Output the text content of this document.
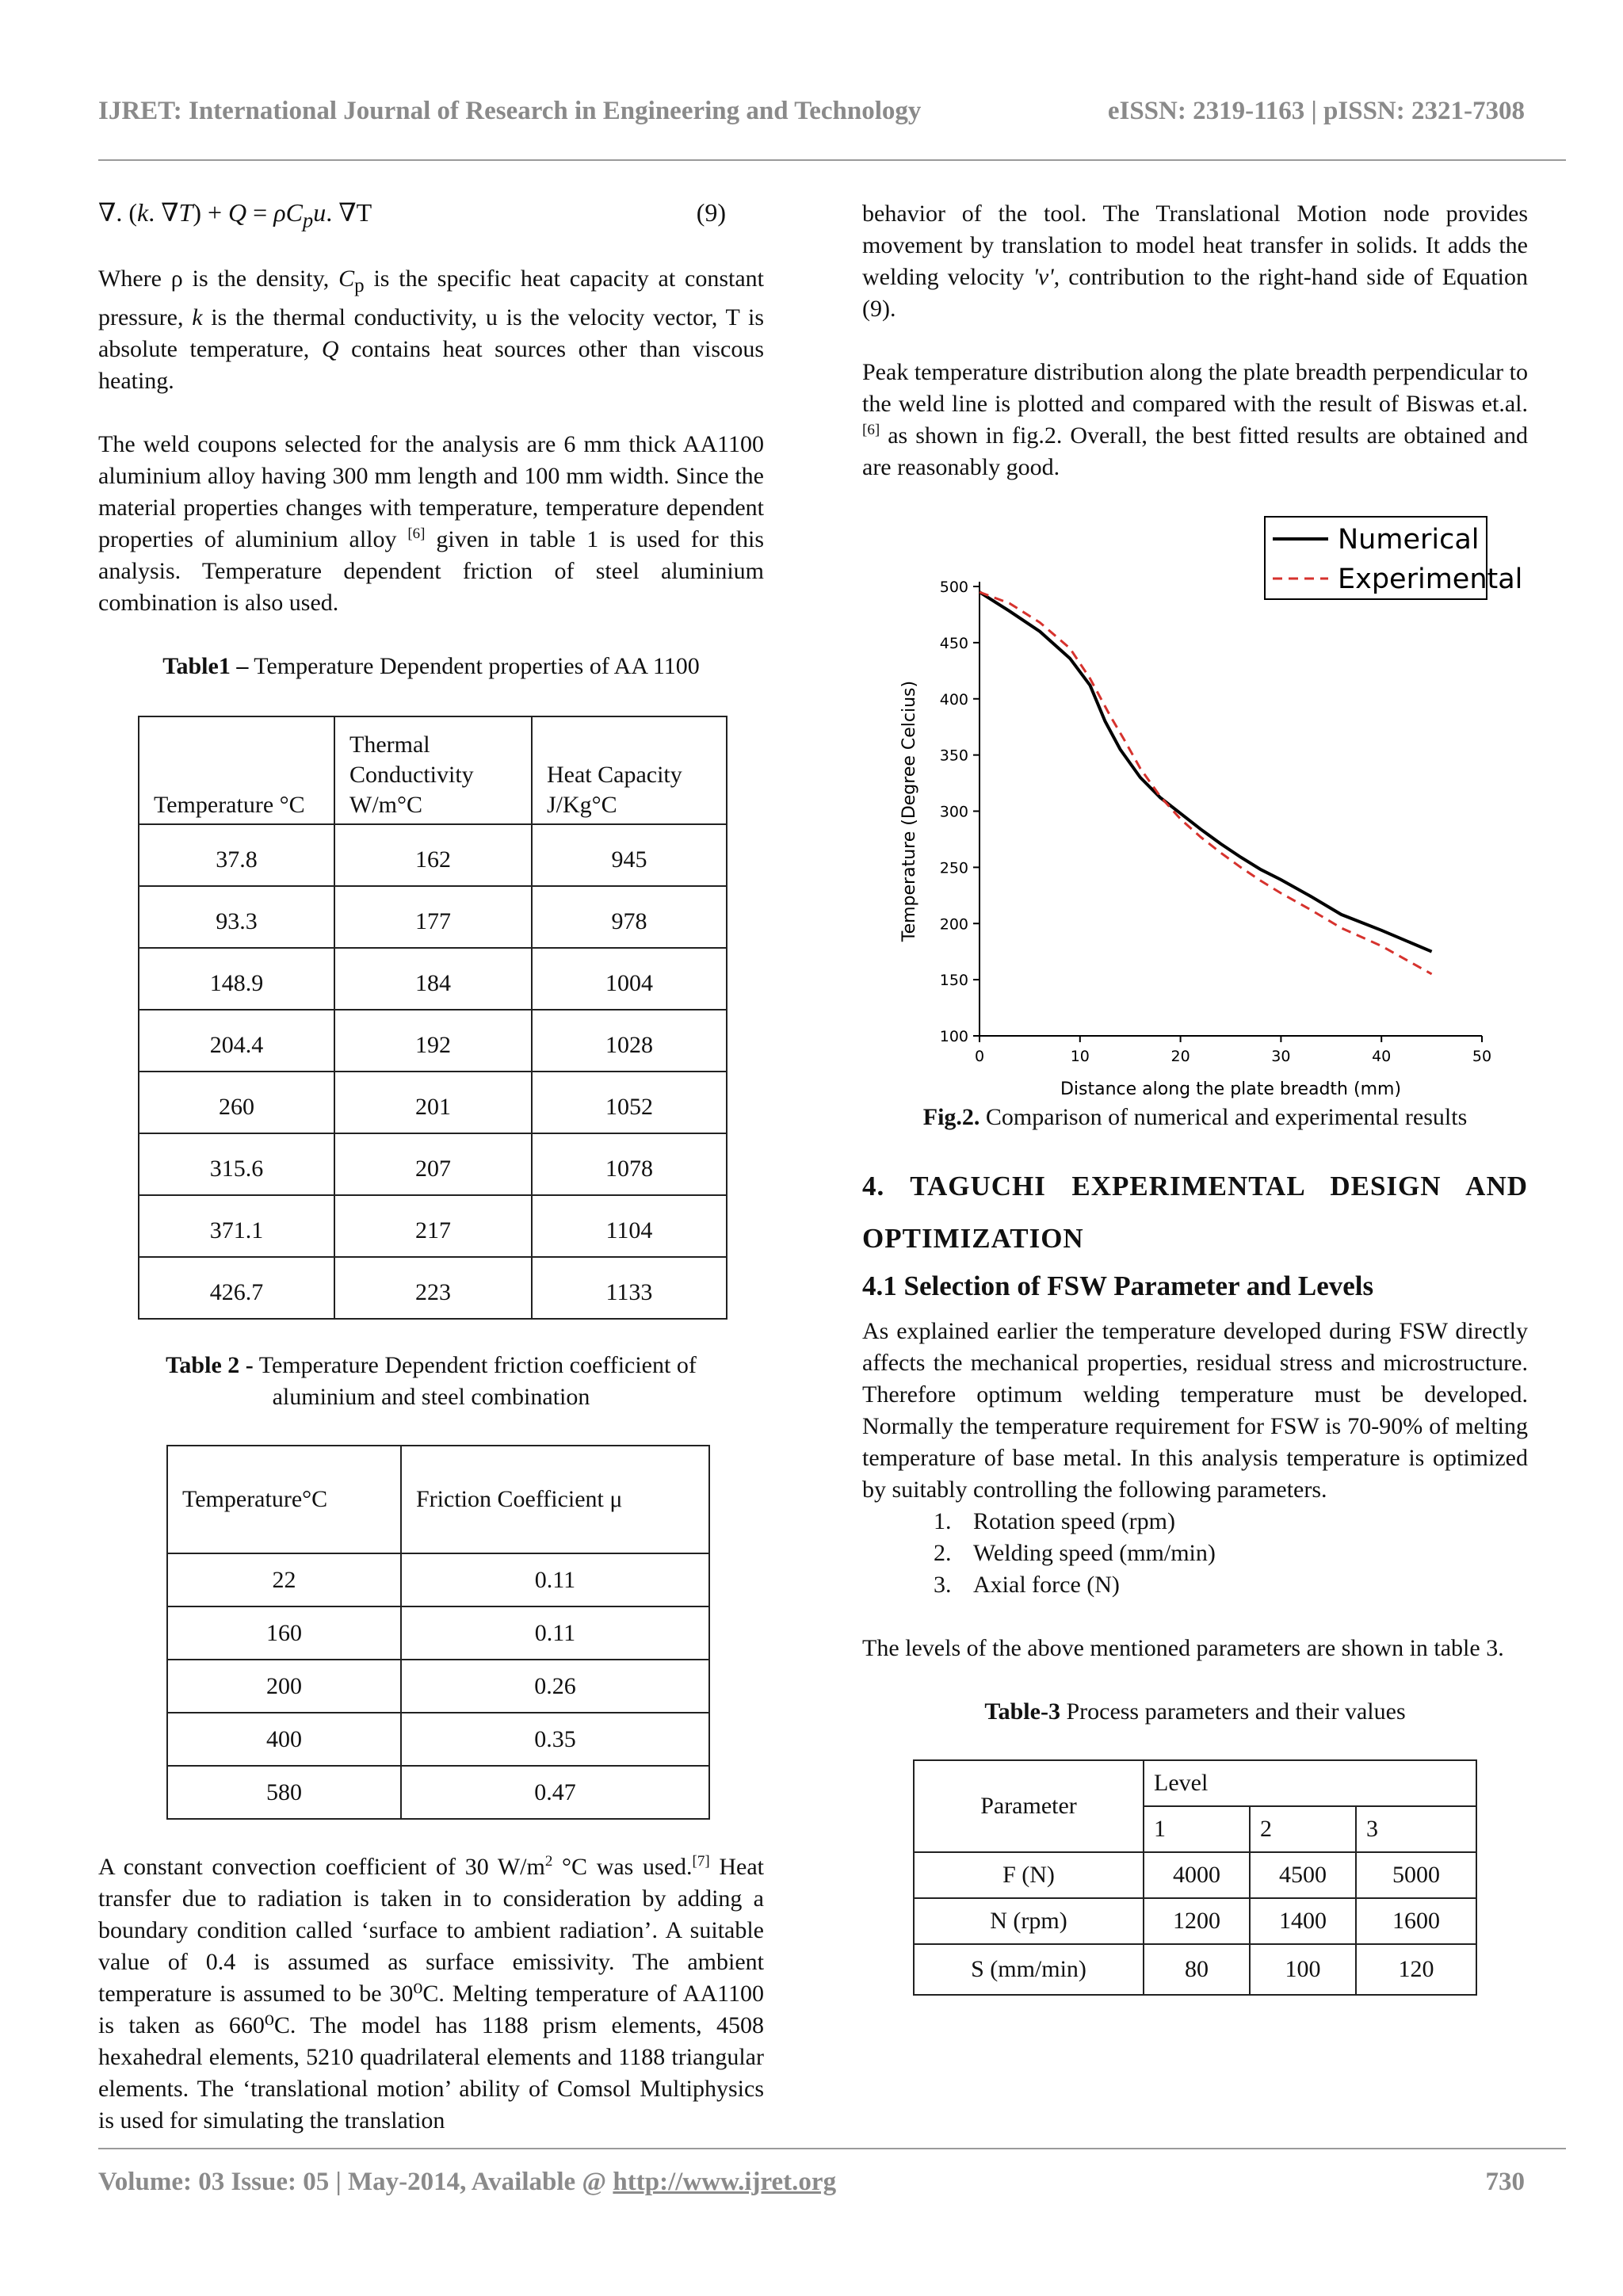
IJRET: International Journal of Research in Engineering and Technology	eISSN: 2319-1163 | pISSN: 2321-7308
∇. (k. $\nabla T) + Q = \rho C_pu$. ∇T	(9)

Where ρ is the density, $C_p$ is the specific heat capacity at constant pressure, k is the thermal conductivity, u is the velocity vector, T is absolute temperature, Q contains heat sources other than viscous heating.

The weld coupons selected for the analysis are 6 mm thick AA1100 aluminium alloy having 300 mm length and 100 mm width. Since the material properties changes with temperature, temperature dependent properties of aluminium alloy [6] given in table 1 is used for this analysis. Temperature dependent friction of steel aluminium combination is also used.

Table1 – Temperature Dependent properties of AA 1100
Temperature °C	Thermal Conductivity W/m°C	Heat Capacity J/Kg°C
37.8	162	945
93.3	177	978
148.9	184	1004
204.4	192	1028
260	201	1052
315.6	207	1078
371.1	217	1104
426.7	223	1133
Table 2 - Temperature Dependent friction coefficient of
aluminium and steel combination
Temperature°C	Friction Coefficient μ
22	0.11
160	0.11
200	0.26
400	0.35
580	0.47

A constant convection coefficient of 30 $W/m^2$ °C was used.[7] Heat transfer due to radiation is taken in to consideration by adding a boundary condition called ‘surface to ambient radiation’. A suitable value of 0.4 is assumed as surface emissivity. The ambient temperature is assumed to be 30⁰C. Melting temperature of AA1100 is taken as 660⁰C. The model has 1188 prism elements, 4508 hexahedral elements, 5210 quadrilateral elements and 1188 triangular elements. The ‘translational motion’ ability of Comsol Multiphysics is used for simulating the translation

behavior of the tool. The Translational Motion node provides movement by translation to model heat transfer in solids. It adds the welding velocity 'v', contribution to the right-hand side of Equation (9).

Peak temperature distribution along the plate breadth perpendicular to the weld line is plotted and compared with the result of Biswas et.al.[6] as shown in fig.2. Overall, the best fitted results are obtained and are reasonably good.

0	10	20	30	40	50
100
150
200
250
300
350
400
450
500
Numerical
Experimental
Distance along the plate breadth (mm)
Temperature (Degree Celcius)
Fig.2. Comparison of numerical and experimental results
4. TAGUCHI EXPERIMENTAL DESIGN AND
OPTIMIZATION
4.1 Selection of FSW Parameter and Levels

As explained earlier the temperature developed during FSW directly affects the mechanical properties, residual stress and microstructure. Therefore optimum welding temperature must be developed. Normally the temperature requirement for FSW is 70-90% of melting temperature of base metal. In this analysis temperature is optimized by suitably controlling the following parameters.

1. Rotation speed (rpm)
2. Welding speed (mm/min)
3. Axial force (N)

The levels of the above mentioned parameters are shown in table 3.

Table-3 Process parameters and their values
Parameter	Level		
	1	2	3
F (N)	4000	4500	5000
N (rpm)	1200	1400	1600
S (mm/min)	80	100	120
Volume: 03 Issue: 05 | May-2014, Available @ http://www.ijret.org	730
